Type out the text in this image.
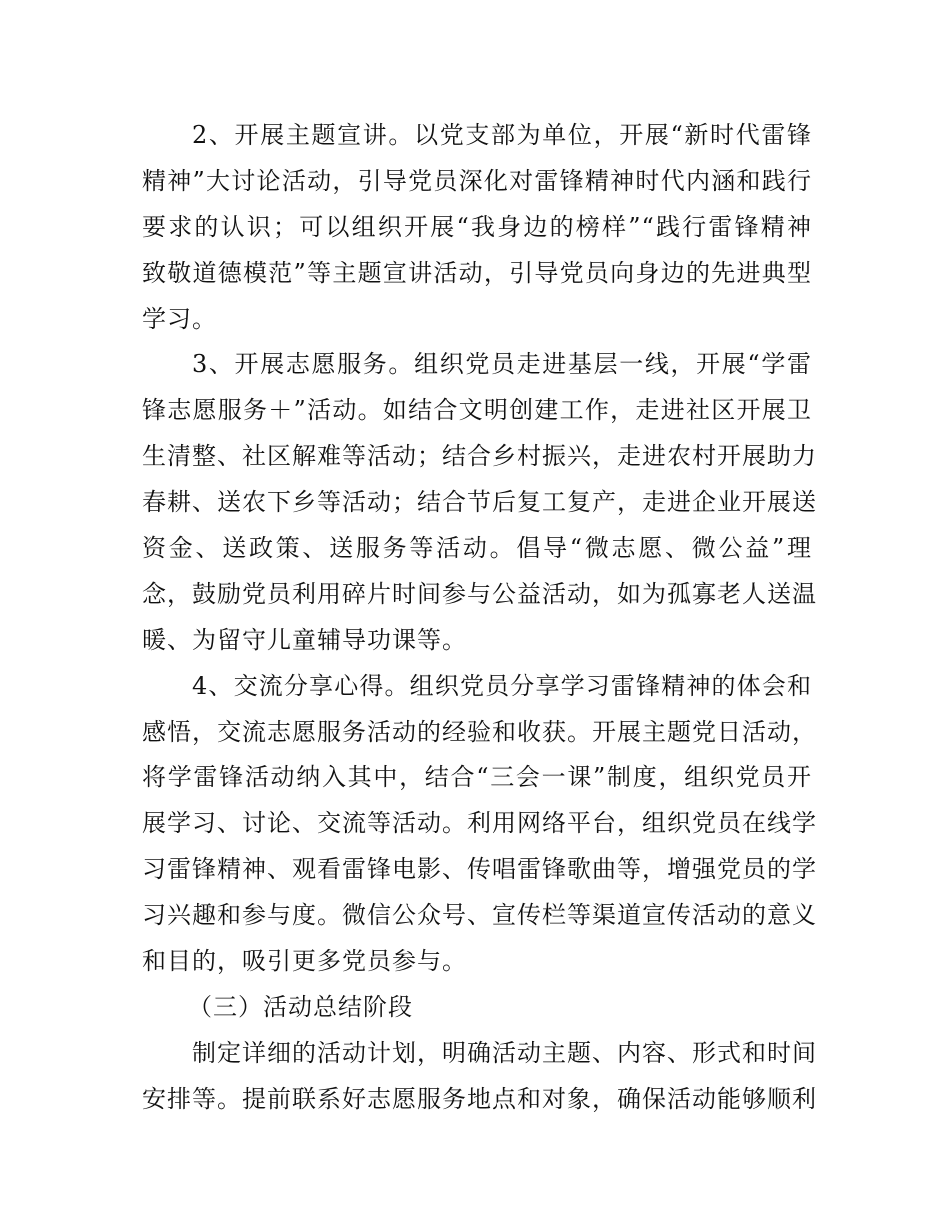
2、开展主题宣讲。以党支部为单位，开展“新时代雷锋
精神”大讨论活动，引导党员深化对雷锋精神时代内涵和践行
要求的认识；可以组织开展“我身边的榜样”“践行雷锋精神
致敬道德模范”等主题宣讲活动，引导党员向身边的先进典型
学习。
3、开展志愿服务。组织党员走进基层一线，开展“学雷
锋志愿服务＋”活动。如结合文明创建工作，走进社区开展卫
生清整、社区解难等活动；结合乡村振兴，走进农村开展助力
春耕、送农下乡等活动；结合节后复工复产，走进企业开展送
资金、送政策、送服务等活动。倡导“微志愿、微公益”理
念，鼓励党员利用碎片时间参与公益活动，如为孤寡老人送温
暖、为留守儿童辅导功课等。
4、交流分享心得。组织党员分享学习雷锋精神的体会和
感悟，交流志愿服务活动的经验和收获。开展主题党日活动，
将学雷锋活动纳入其中，结合“三会一课”制度，组织党员开
展学习、讨论、交流等活动。利用网络平台，组织党员在线学
习雷锋精神、观看雷锋电影、传唱雷锋歌曲等，增强党员的学
习兴趣和参与度。微信公众号、宣传栏等渠道宣传活动的意义
和目的，吸引更多党员参与。
（三）活动总结阶段
制定详细的活动计划，明确活动主题、内容、形式和时间
安排等。提前联系好志愿服务地点和对象，确保活动能够顺利
